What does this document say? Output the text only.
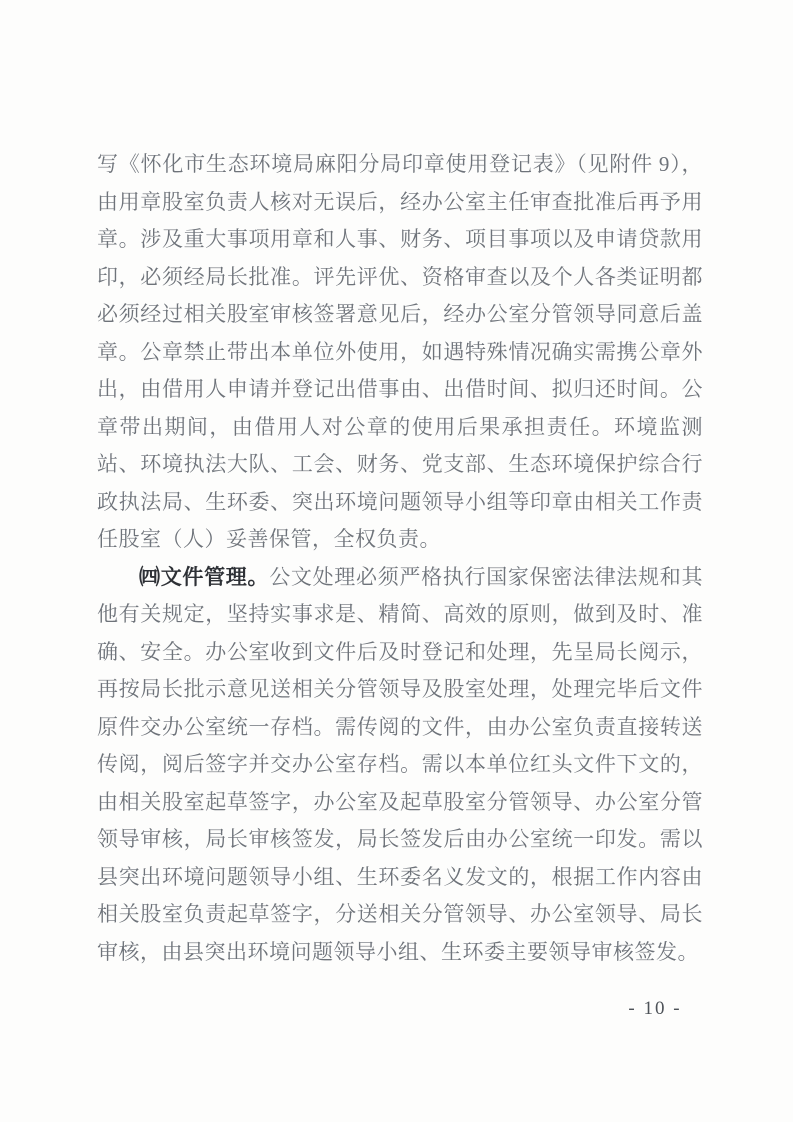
写《怀化市生态环境局麻阳分局印章使用登记表》（见附件 9），由用章股室负责人核对无误后，经办公室主任审查批准后再予用章。涉及重大事项用章和人事、财务、项目事项以及申请贷款用印，必须经局长批准。评先评优、资格审查以及个人各类证明都必须经过相关股室审核签署意见后，经办公室分管领导同意后盖章。公章禁止带出本单位外使用，如遇特殊情况确实需携公章外出，由借用人申请并登记出借事由、出借时间、拟归还时间。公章带出期间，由借用人对公章的使用后果承担责任。环境监测站、环境执法大队、工会、财务、党支部、生态环境保护综合行政执法局、生环委、突出环境问题领导小组等印章由相关工作责任股室（人）妥善保管，全权负责。

㈣文件管理。公文处理必须严格执行国家保密法律法规和其他有关规定，坚持实事求是、精简、高效的原则，做到及时、准确、安全。办公室收到文件后及时登记和处理，先呈局长阅示，再按局长批示意见送相关分管领导及股室处理，处理完毕后文件原件交办公室统一存档。需传阅的文件，由办公室负责直接转送传阅，阅后签字并交办公室存档。需以本单位红头文件下文的，由相关股室起草签字，办公室及起草股室分管领导、办公室分管领导审核，局长审核签发，局长签发后由办公室统一印发。需以县突出环境问题领导小组、生环委名义发文的，根据工作内容由相关股室负责起草签字，分送相关分管领导、办公室领导、局长审核，由县突出环境问题领导小组、生环委主要领导审核签发。

- 10 -
